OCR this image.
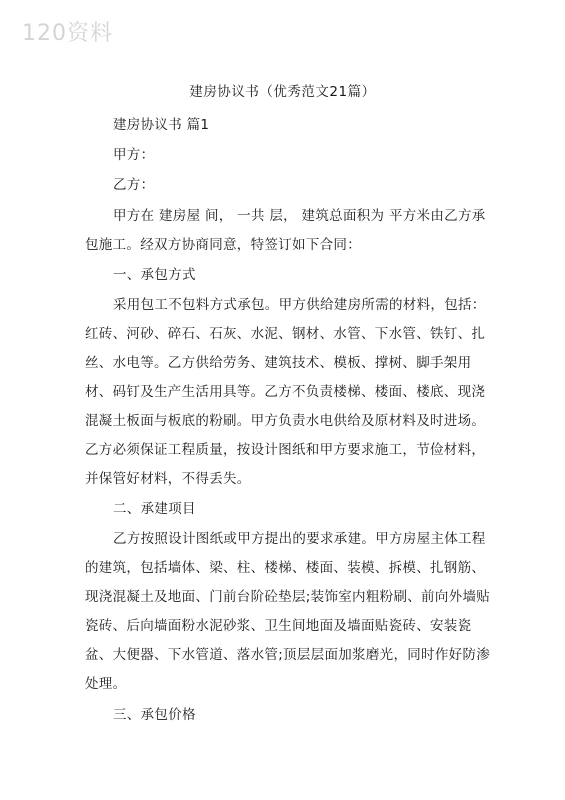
120资料
建房协议书（优秀范文21篇）
建房协议书 篇1
甲方：
乙方：
甲方在 建房屋 间， 一共 层， 建筑总面积为 平方米由乙方承
包施工。经双方协商同意，特签订如下合同：
一、承包方式
采用包工不包料方式承包。甲方供给建房所需的材料，包括：
红砖、河砂、碎石、石灰、水泥、钢材、水管、下水管、铁钉、扎
丝、水电等。乙方供给劳务、建筑技术、模板、撑树、脚手架用
材、码钉及生产生活用具等。乙方不负责楼梯、楼面、楼底、现浇
混凝土板面与板底的粉刷。甲方负责水电供给及原材料及时进场。
乙方必须保证工程质量，按设计图纸和甲方要求施工，节俭材料，
并保管好材料，不得丢失。
二、承建项目
乙方按照设计图纸或甲方提出的要求承建。甲方房屋主体工程
的建筑，包括墙体、梁、柱、楼梯、楼面、装模、拆模、扎钢筋、
现浇混凝土及地面、门前台阶砼垫层;装饰室内粗粉刷、前向外墙贴
瓷砖、后向墙面粉水泥砂浆、卫生间地面及墙面贴瓷砖、安装瓷
盆、大便器、下水管道、落水管;顶层层面加浆磨光，同时作好防渗
处理。
三、承包价格
